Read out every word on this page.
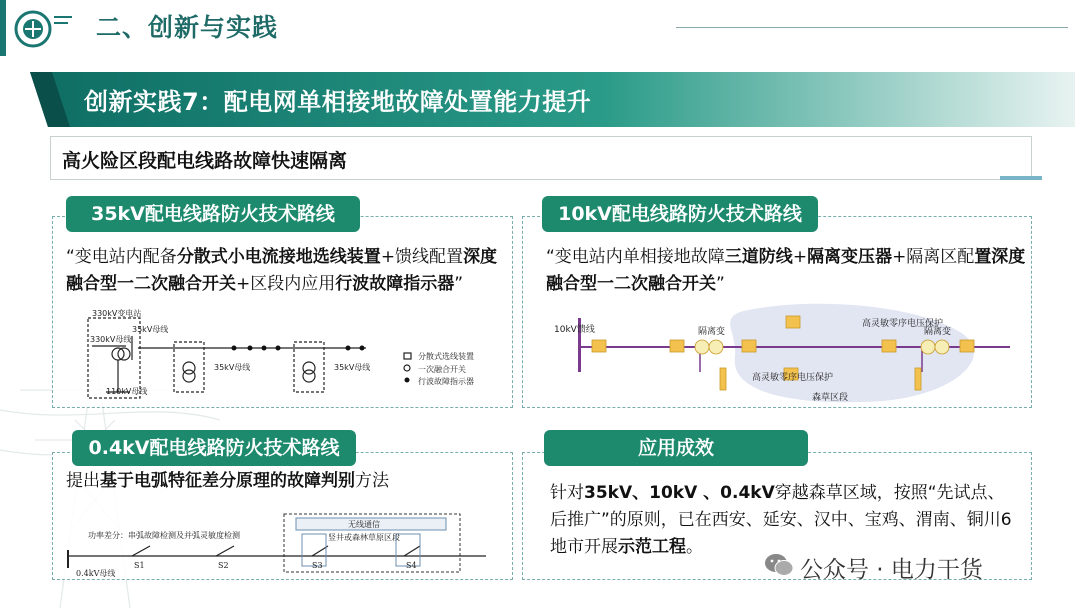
二、创新与实践
创新实践7：配电网单相接地故障处置能力提升
高火险区段配电线路故障快速隔离
35kV配电线路防火技术路线
“变电站内配备分散式小电流接地选线装置+馈线配置深度融合型一二次融合开关+区段内应用行波故障指示器”
330kV变电站
330kV母线
35kV母线
110kV母线
35kV母线	35kV母线
分散式选线装置
一次融合开关
行波故障指示器
10kV配电线路防火技术路线
“变电站内单相接地故障三道防线+隔离变压器+隔离区配置深度融合型一二次融合开关”
10kV馈线	隔离变	隔离变
高灵敏零序电压保护
高灵敏零序电压保护
森草区段
0.4kV配电线路防火技术路线
提出基于电弧特征差分原理的故障判别方法
功率差分：串弧故障检测及并弧灵敏度检测
无线通信
竖井或森林草原区段
0.4kV母线
S1	S2	S3	S4
应用成效
针对35kV、10kV 、0.4kV穿越森草区域，按照“先试点、后推广”的原则，已在西安、延安、汉中、宝鸡、渭南、铜川6地市开展示范工程。
公众号 · 电力干货
